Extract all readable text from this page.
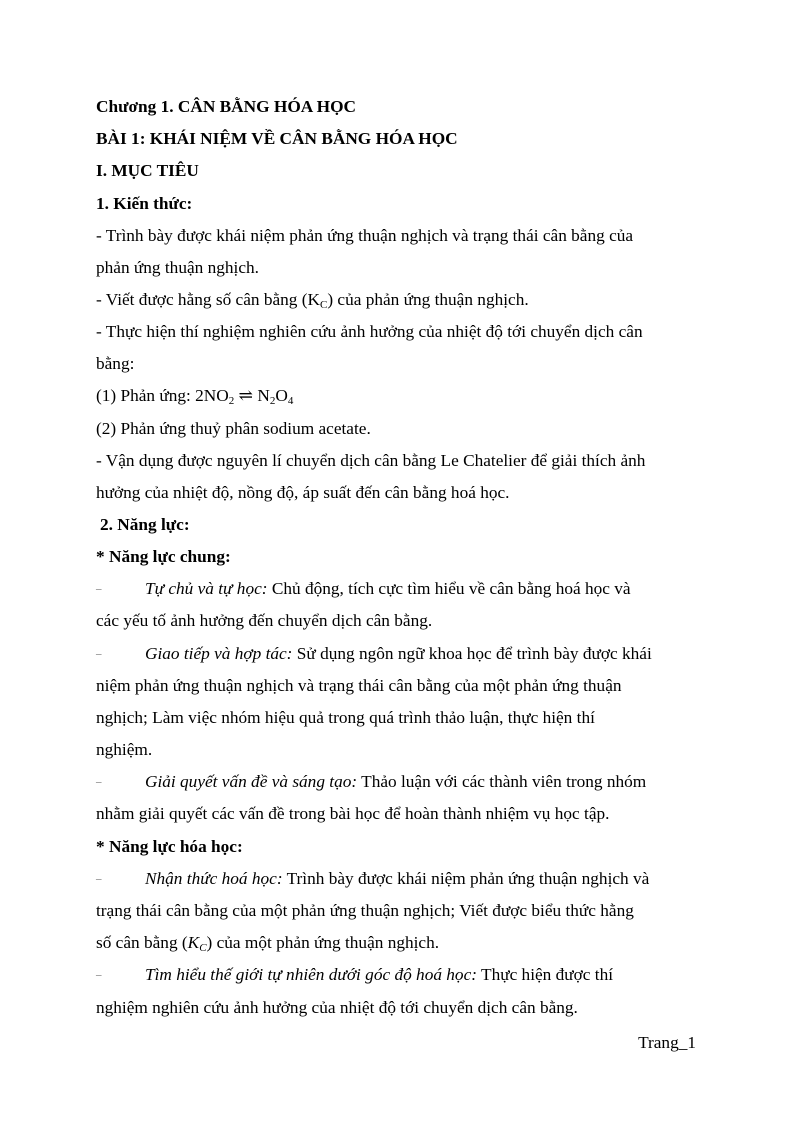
Chương 1. CÂN BẰNG HÓA HỌC
BÀI 1: KHÁI NIỆM VỀ CÂN BẰNG HÓA HỌC
I. MỤC TIÊU
1. Kiến thức:
- Trình bày được khái niệm phản ứng thuận nghịch và trạng thái cân bằng của
phản ứng thuận nghịch.
- Viết được hằng số cân bằng $(K_C)$ của phản ứng thuận nghịch.
- Thực hiện thí nghiệm nghiên cứu ảnh hưởng của nhiệt độ tới chuyển dịch cân
bằng:
(1) Phản ứng: $2NO_2$ ⇌ $N_2O_4$
(2) Phản ứng thuỷ phân sodium acetate.
- Vận dụng được nguyên lí chuyển dịch cân bằng Le Chatelier để giải thích ảnh
hưởng của nhiệt độ, nồng độ, áp suất đến cân bằng hoá học.
2. Năng lực:
* Năng lực chung:
–	Tự chủ và tự học: Chủ động, tích cực tìm hiểu về cân bằng hoá học và
các yếu tố ảnh hưởng đến chuyển dịch cân bằng.
–	Giao tiếp và hợp tác: Sử dụng ngôn ngữ khoa học để trình bày được khái
niệm phản ứng thuận nghịch và trạng thái cân bằng của một phản ứng thuận
nghịch; Làm việc nhóm hiệu quả trong quá trình thảo luận, thực hiện thí
nghiệm.
–	Giải quyết vấn đề và sáng tạo: Thảo luận với các thành viên trong nhóm
nhằm giải quyết các vấn đề trong bài học để hoàn thành nhiệm vụ học tập.
* Năng lực hóa học:
–	Nhận thức hoá học: Trình bày được khái niệm phản ứng thuận nghịch và
trạng thái cân bằng của một phản ứng thuận nghịch; Viết được biểu thức hằng
số cân bằng $(K_C)$ của một phản ứng thuận nghịch.
–	Tìm hiểu thế giới tự nhiên dưới góc độ hoá học: Thực hiện được thí
nghiệm nghiên cứu ảnh hưởng của nhiệt độ tới chuyển dịch cân bằng.
Trang_1
